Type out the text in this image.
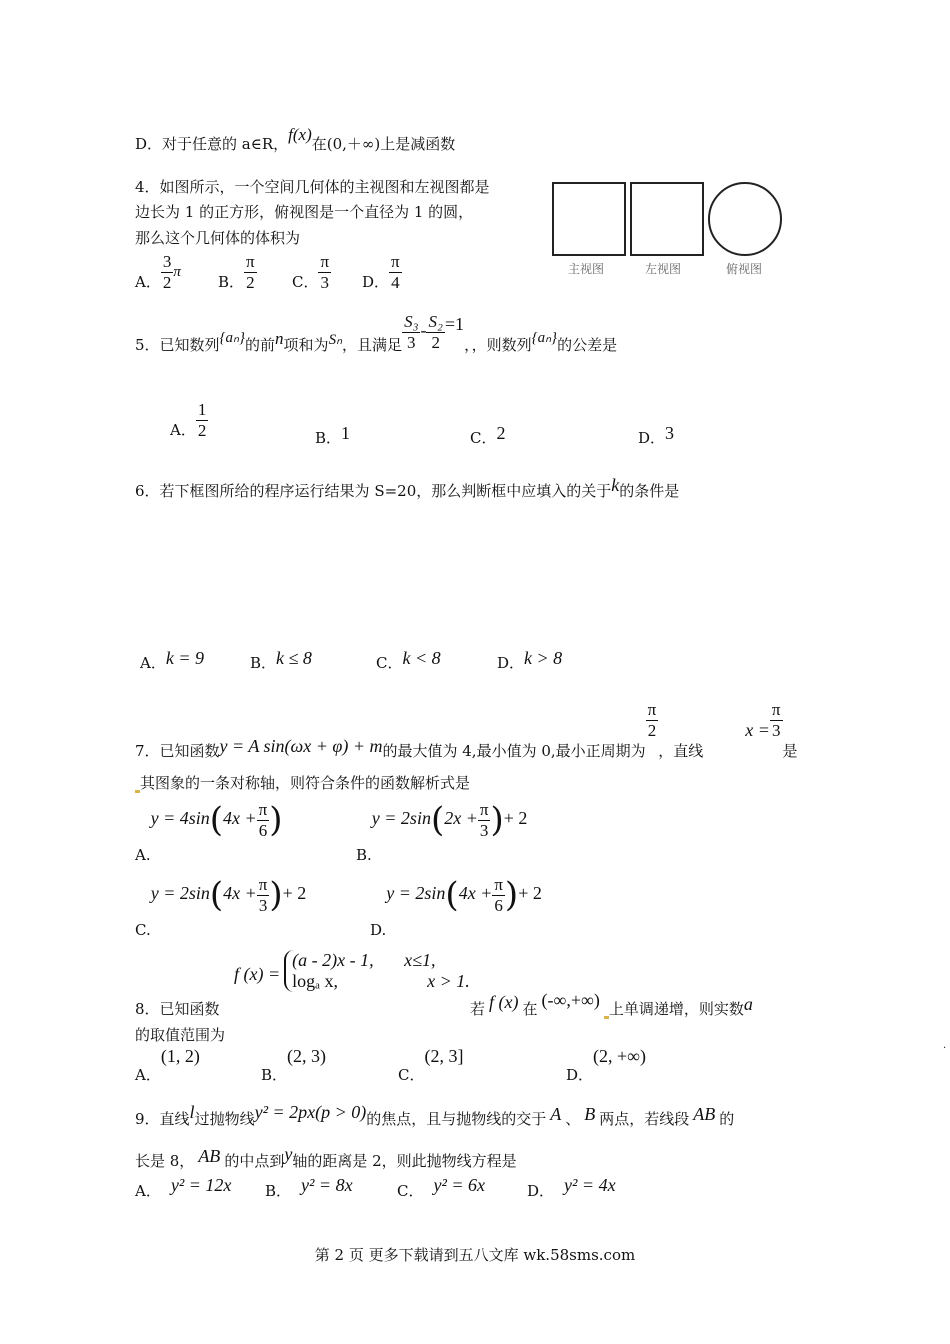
D．对于任意的 a∈R，f(x)在(0,＋∞)上是减函数
4．如图所示，一个空间几何体的主视图和左视图都是
边长为 1 的正方形，俯视图是一个直径为 1 的圆，
那么这个几何体的体积为
主视图	左视图	俯视图
A． $\frac{3}{2}$ π
B． $\frac{\pi}{2}$ C． $\frac{\pi}{3}$ D． $\frac{\pi}{4}$
5．已知数列{aₙ}的前n项和为Sₙ，且满足 $\frac{\text{S₃}}{3} - \frac{\text{S₂}}{2} =1$，，则数列{aₙ}的公差是
A． $\frac{1}{2}$	B．1	C．2	D．3
6．若下框图所给的程序运行结果为 S=20，那么判断框中应填入的关于k的条件是
A．k = 9	B．k ≤ 8	C．k < 8	D．k > 8
7．已知函数y = A sin(ωx + φ) + m的最大值为 4,最小值为 0,最小正周期为
$\frac{\pi}{2}$
，直线$x = \frac{\pi}{3}$
是
其图象的一条对称轴，则符合条件的函数解析式是
$A.y = 4\sin(4x + \frac{\pi}{6}$ )
$B.y = 2\sin(2x + \frac{\pi}{3}$ )+ 2
$C.y = 2\sin(4x + \frac{\pi}{3}$ )+ 2
$D.y = 2\sin(4x + \frac{\pi}{6}$ )+ 2
f (x) =(a - 2)x - 1, x≤1,
logₐ x,	x > 1.
8．已知函数	若 f (x) 在 (-∞,+∞) 上单调递增，则实数a
的取值范围为
.
A．(1, 2)
B．(2, 3)
C．(2, 3]
D．(2, +∞)
9．直线l过抛物线y² = 2px(p > 0)的焦点，且与抛物线的交于 A 、 B 两点，若线段 AB 的
长是 8， AB 的中点到y轴的距离是 2，则此抛物线方程是
A． y² = 12x B． y² = 8x	C． y² = 6x	D． y² = 4x
第 2 页 更多下载请到五八文库 wk.58sms.com
